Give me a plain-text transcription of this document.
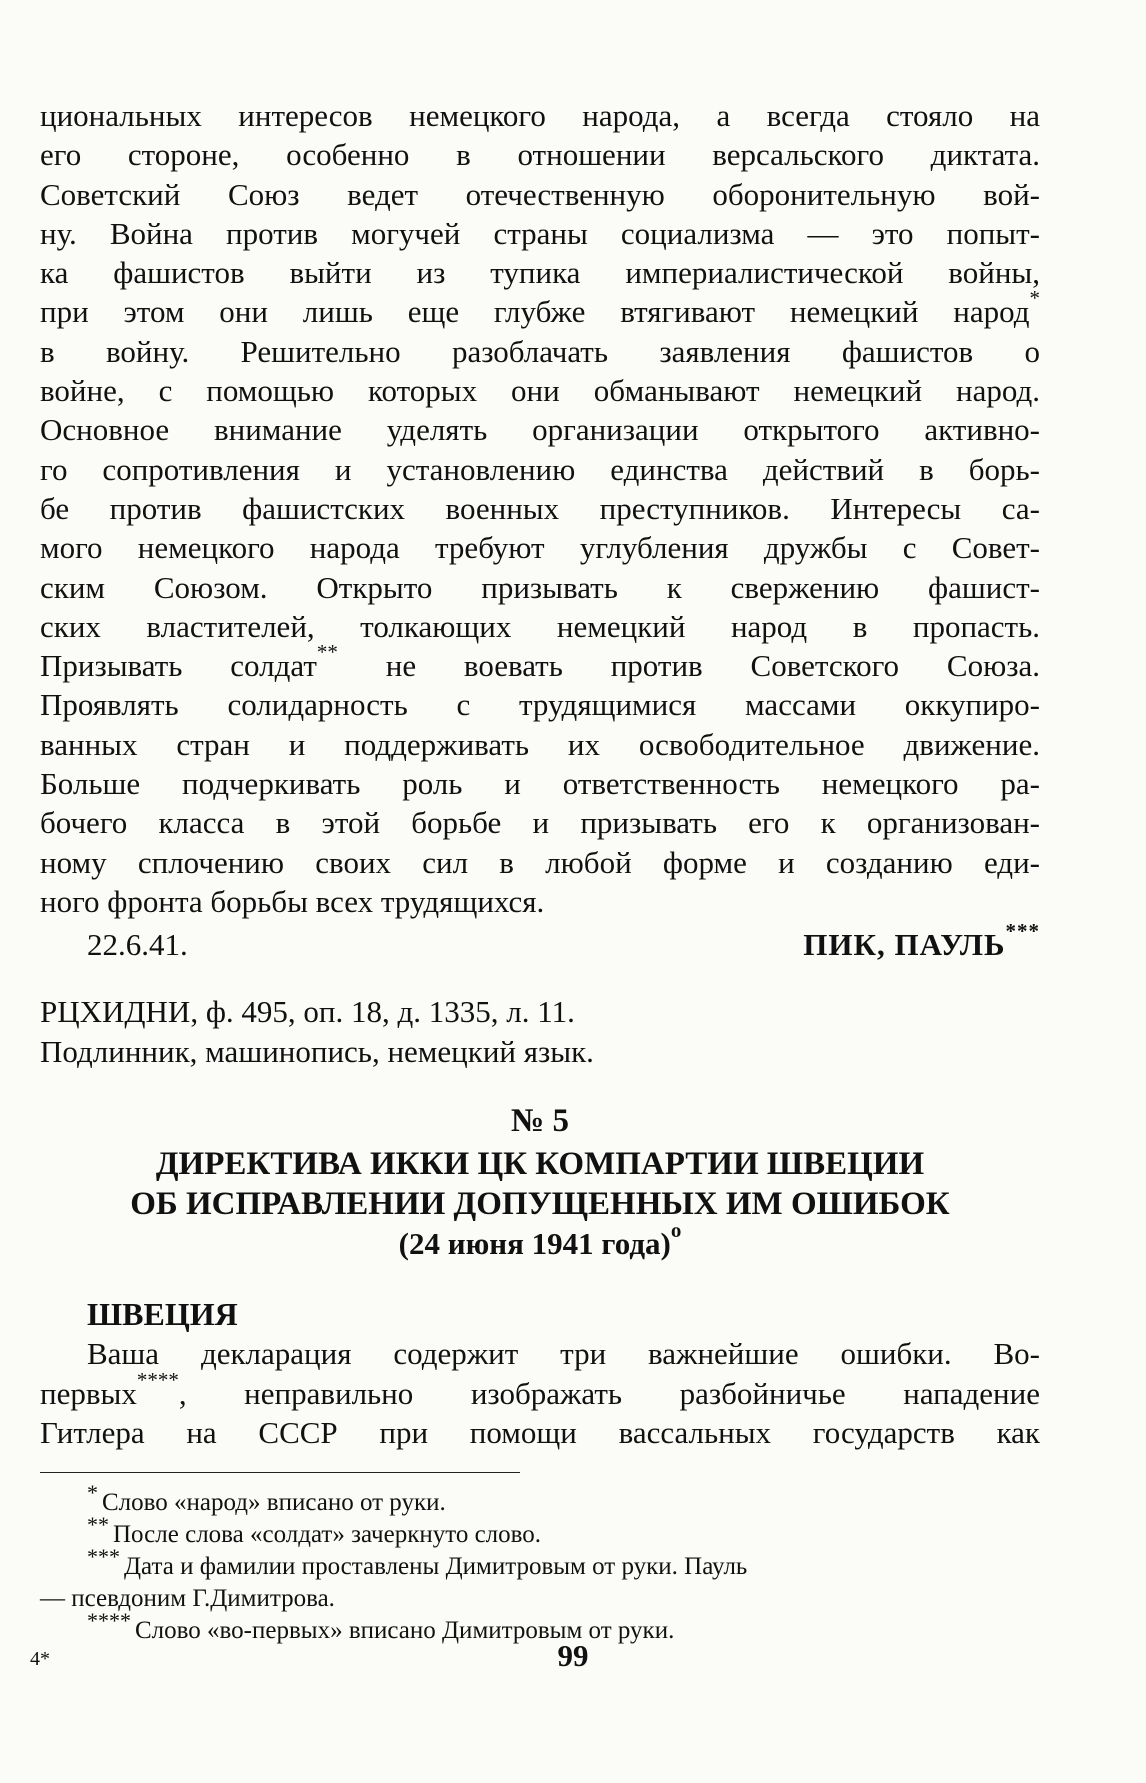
циональных интересов немецкого народа, а всегда стояло на
его стороне, особенно в отношении версальского диктата.
Советский Союз ведет отечественную оборонительную вой-
ну. Война против могучей страны социализма — это попыт-
ка фашистов выйти из тупика империалистической войны,
при этом они лишь еще глубже втягивают немецкий народ*
в войну. Решительно разоблачать заявления фашистов о
войне, с помощью которых они обманывают немецкий народ.
Основное внимание уделять организации открытого активно-
го сопротивления и установлению единства действий в борь-
бе против фашистских военных преступников. Интересы са-
мого немецкого народа требуют углубления дружбы с Совет-
ским Союзом. Открыто призывать к свержению фашист-
ских властителей, толкающих немецкий народ в пропасть.
Призывать солдат** не воевать против Советского Союза.
Проявлять солидарность с трудящимися массами оккупиро-
ванных стран и поддерживать их освободительное движение.
Больше подчеркивать роль и ответственность немецкого ра-
бочего класса в этой борьбе и призывать его к организован-
ному сплочению своих сил в любой форме и созданию еди-
ного фронта борьбы всех трудящихся.
22.6.41.	ПИК, ПАУЛЬ***
РЦХИДНИ, ф. 495, оп. 18, д. 1335, л. 11.
Подлинник, машинопись, немецкий язык.
№ 5
ДИРЕКТИВА ИККИ ЦК КОМПАРТИИ ШВЕЦИИ
ОБ ИСПРАВЛЕНИИ ДОПУЩЕННЫХ ИМ ОШИБОК
(24 июня 1941 года)$^о$
ШВЕЦИЯ
Ваша декларация содержит три важнейшие ошибки. Во-
первых****, неправильно изображать разбойничье нападение
Гитлера на СССР при помощи вассальных государств как
* Слово «народ» вписано от руки.
** После слова «солдат» зачеркнуто слово.
*** Дата и фамилии проставлены Димитровым от руки. Пауль
— псевдоним Г.Димитрова.
**** Слово «во-первых» вписано Димитровым от руки.
4*	99
